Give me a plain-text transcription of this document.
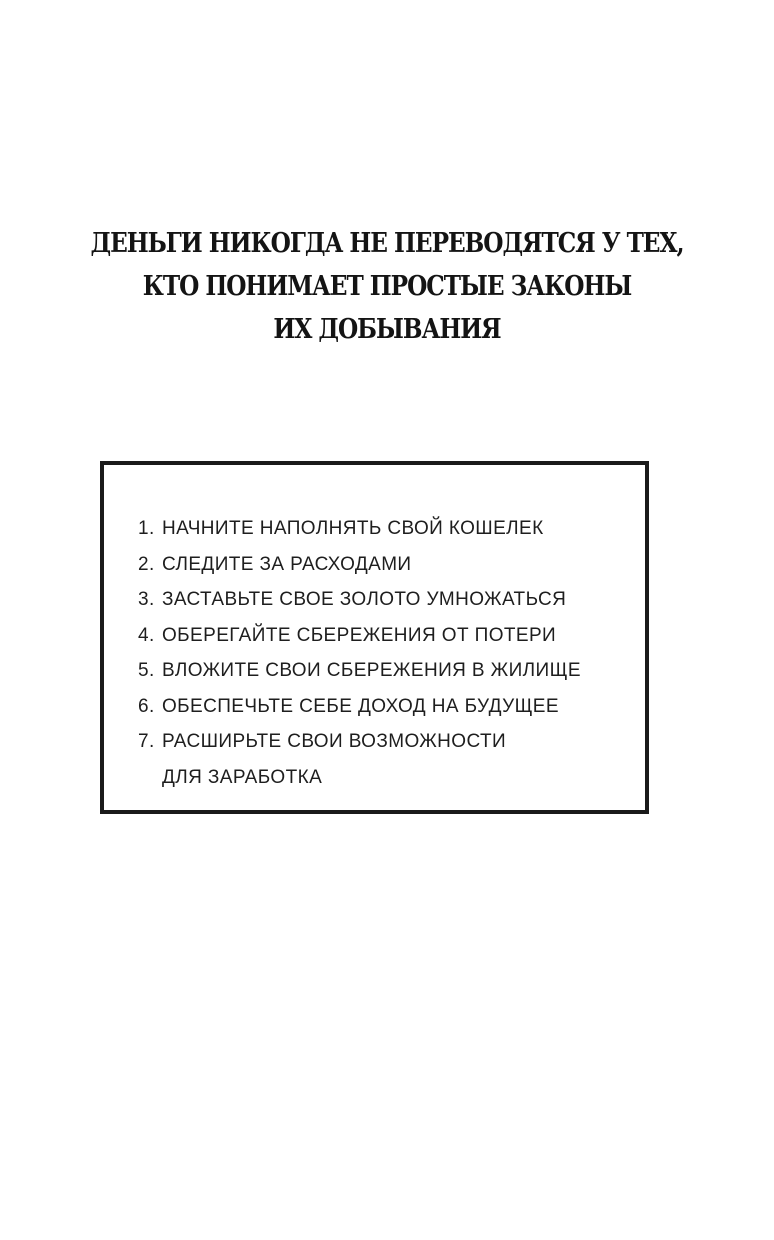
ДЕНЬГИ НИКОГДА НЕ ПЕРЕВОДЯТСЯ У ТЕХ,
КТО ПОНИМАЕТ ПРОСТЫЕ ЗАКОНЫ
ИХ ДОБЫВАНИЯ
1. НАЧНИТЕ НАПОЛНЯТЬ СВОЙ КОШЕЛЕК
2. СЛЕДИТЕ ЗА РАСХОДАМИ
3. ЗАСТАВЬТЕ СВОЕ ЗОЛОТО УМНОЖАТЬСЯ
4. ОБЕРЕГАЙТЕ СБЕРЕЖЕНИЯ ОТ ПОТЕРИ
5. ВЛОЖИТЕ СВОИ СБЕРЕЖЕНИЯ В ЖИЛИЩЕ
6. ОБЕСПЕЧЬТЕ СЕБЕ ДОХОД НА БУДУЩЕЕ
7. РАСШИРЬТЕ СВОИ ВОЗМОЖНОСТИ
ДЛЯ ЗАРАБОТКА
